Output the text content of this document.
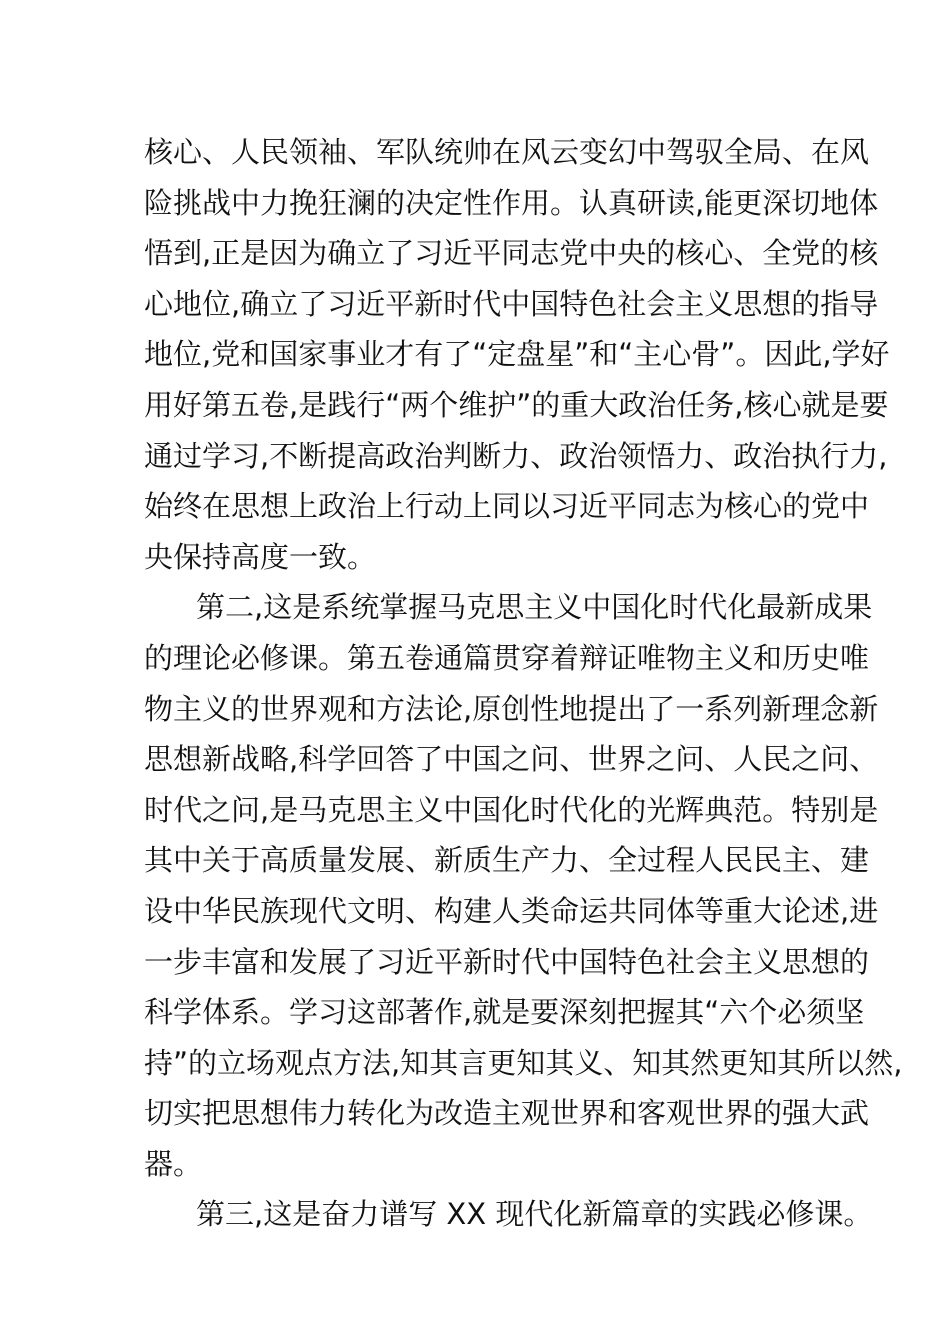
核心、人民领袖、军队统帅在风云变幻中驾驭全局、在风
险挑战中力挽狂澜的决定性作用。认真研读,能更深切地体
悟到,正是因为确立了习近平同志党中央的核心、全党的核
心地位,确立了习近平新时代中国特色社会主义思想的指导
地位,党和国家事业才有了“定盘星”和“主心骨”。因此,学好
用好第五卷,是践行“两个维护”的重大政治任务,核心就是要
通过学习,不断提高政治判断力、政治领悟力、政治执行力,
始终在思想上政治上行动上同以习近平同志为核心的党中
央保持高度一致。
第二,这是系统掌握马克思主义中国化时代化最新成果
的理论必修课。第五卷通篇贯穿着辩证唯物主义和历史唯
物主义的世界观和方法论,原创性地提出了一系列新理念新
思想新战略,科学回答了中国之问、世界之问、人民之问、
时代之问,是马克思主义中国化时代化的光辉典范。特别是
其中关于高质量发展、新质生产力、全过程人民民主、建
设中华民族现代文明、构建人类命运共同体等重大论述,进
一步丰富和发展了习近平新时代中国特色社会主义思想的
科学体系。学习这部著作,就是要深刻把握其“六个必须坚
持”的立场观点方法,知其言更知其义、知其然更知其所以然,
切实把思想伟力转化为改造主观世界和客观世界的强大武
器。
第三,这是奋力谱写 XX 现代化新篇章的实践必修课。
